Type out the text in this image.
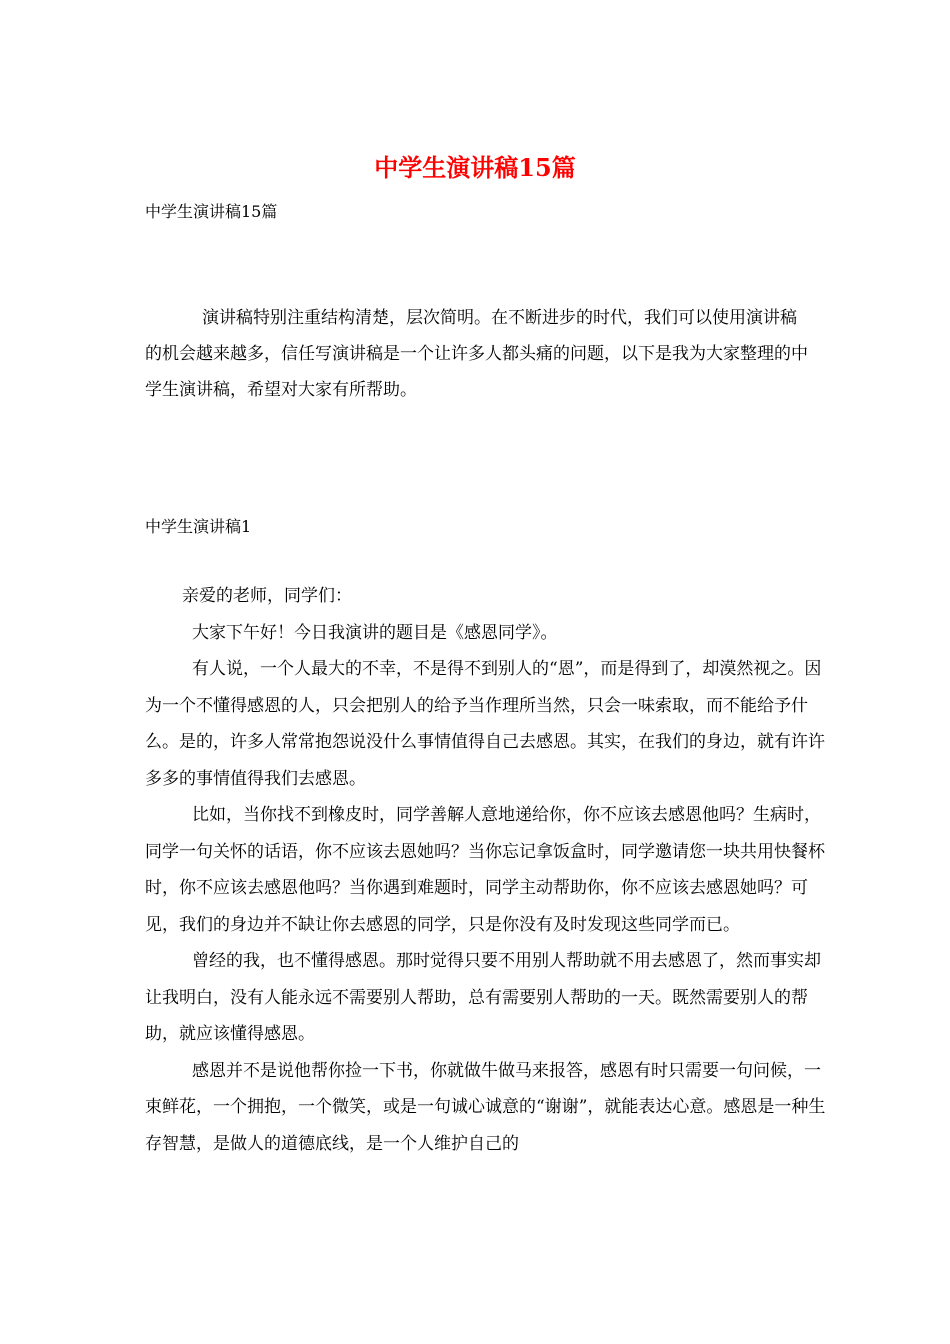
中学生演讲稿15篇
中学生演讲稿15篇
演讲稿特别注重结构清楚，层次简明。在不断进步的时代，我们可以使用演讲稿的机会越来越多，信任写演讲稿是一个让许多人都头痛的问题，以下是我为大家整理的中学生演讲稿，希望对大家有所帮助。
中学生演讲稿1

亲爱的老师，同学们：

大家下午好！今日我演讲的题目是《感恩同学》。

有人说，一个人最大的不幸，不是得不到别人的“恩”，而是得到了，却漠然视之。因为一个不懂得感恩的人，只会把别人的给予当作理所当然，只会一味索取，而不能给予什么。是的，许多人常常抱怨说没什么事情值得自己去感恩。其实，在我们的身边，就有许许多多的事情值得我们去感恩。

比如，当你找不到橡皮时，同学善解人意地递给你，你不应该去感恩他吗？生病时，同学一句关怀的话语，你不应该去恩她吗？当你忘记拿饭盒时，同学邀请您一块共用快餐杯时，你不应该去感恩他吗？当你遇到难题时，同学主动帮助你，你不应该去感恩她吗？可见，我们的身边并不缺让你去感恩的同学，只是你没有及时发现这些同学而已。

曾经的我，也不懂得感恩。那时觉得只要不用别人帮助就不用去感恩了，然而事实却让我明白，没有人能永远不需要别人帮助，总有需要别人帮助的一天。既然需要别人的帮助，就应该懂得感恩。

感恩并不是说他帮你捡一下书，你就做牛做马来报答，感恩有时只需要一句问候，一束鲜花，一个拥抱，一个微笑，或是一句诚心诚意的“谢谢”，就能表达心意。感恩是一种生存智慧，是做人的道德底线，是一个人维护自己的
